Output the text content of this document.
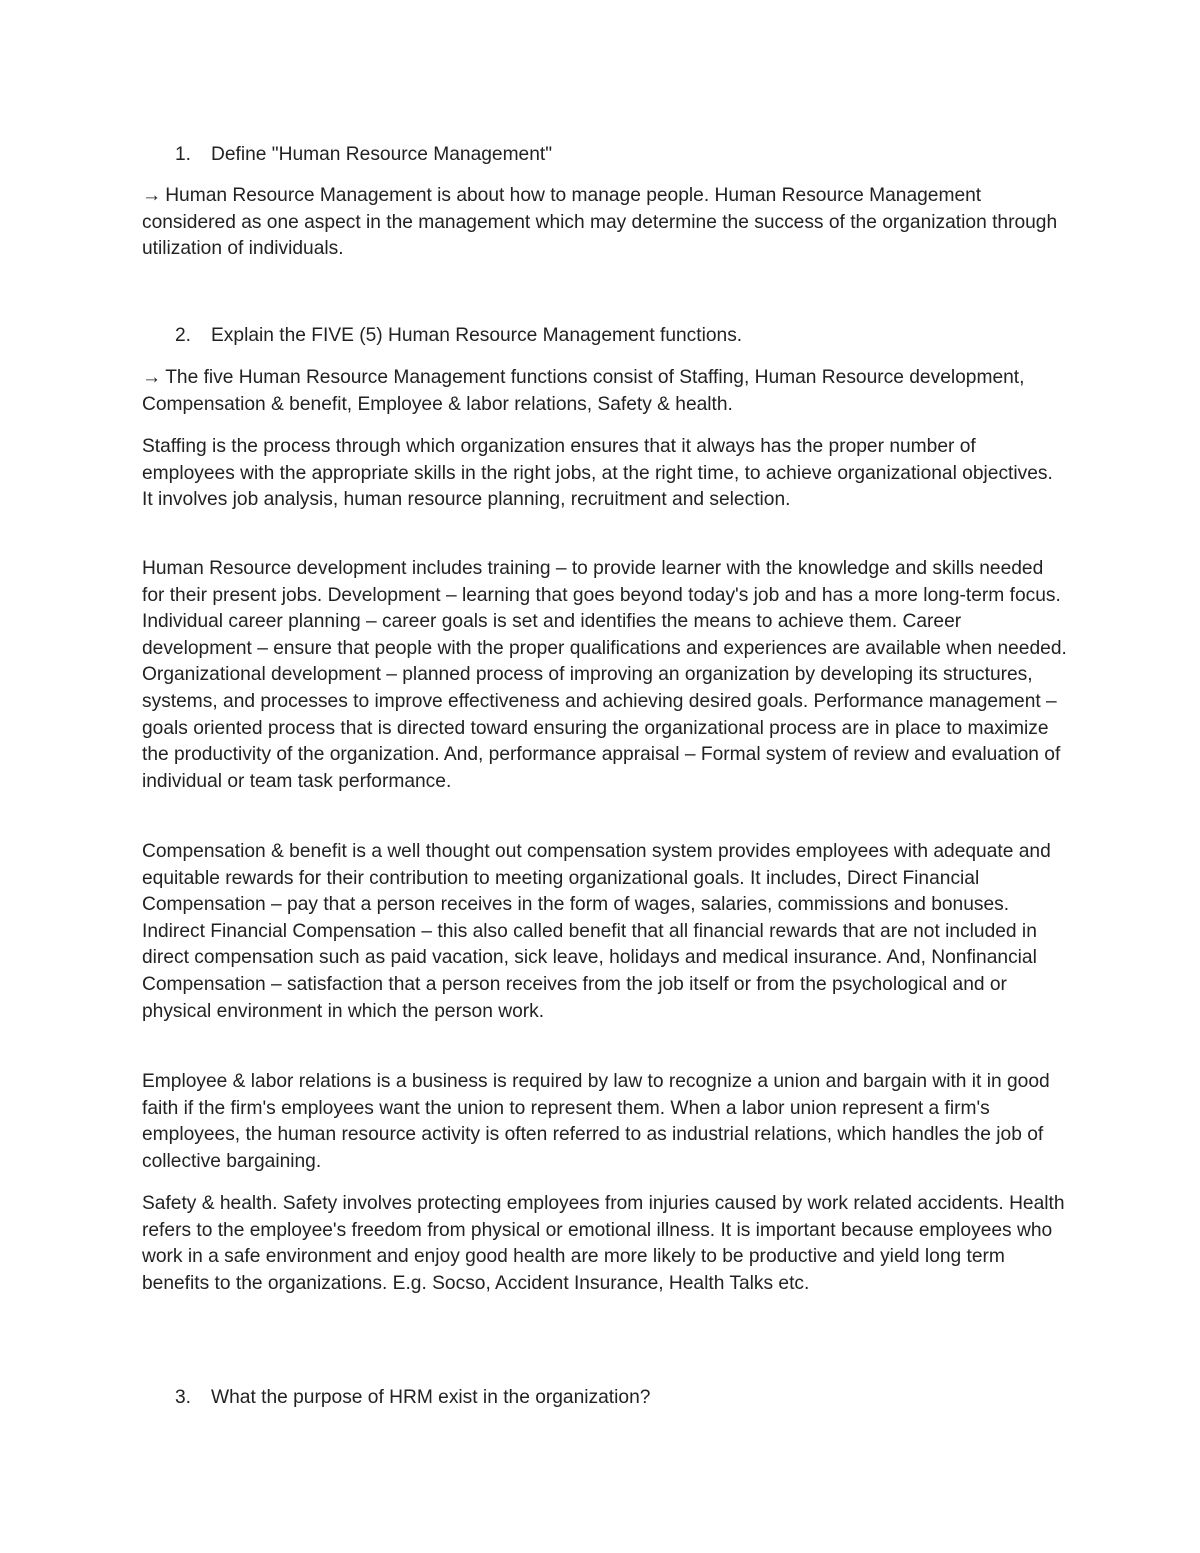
1.	Define "Human Resource Management"

→ Human Resource Management is about how to manage people. Human Resource Management considered as one aspect in the management which may determine the success of the organization through utilization of individuals.

2.	Explain the FIVE (5) Human Resource Management functions.

→ The five Human Resource Management functions consist of Staffing, Human Resource development, Compensation & benefit, Employee & labor relations, Safety & health.

Staffing is the process through which organization ensures that it always has the proper number of employees with the appropriate skills in the right jobs, at the right time, to achieve organizational objectives. It involves job analysis, human resource planning, recruitment and selection.

Human Resource development includes training – to provide learner with the knowledge and skills needed for their present jobs. Development – learning that goes beyond today's job and has a more long-term focus. Individual career planning – career goals is set and identifies the means to achieve them. Career development – ensure that people with the proper qualifications and experiences are available when needed. Organizational development – planned process of improving an organization by developing its structures, systems, and processes to improve effectiveness and achieving desired goals. Performance management – goals oriented process that is directed toward ensuring the organizational process are in place to maximize the productivity of the organization. And, performance appraisal – Formal system of review and evaluation of individual or team task performance.

Compensation & benefit is a well thought out compensation system provides employees with adequate and equitable rewards for their contribution to meeting organizational goals. It includes, Direct Financial Compensation – pay that a person receives in the form of wages, salaries, commissions and bonuses. Indirect Financial Compensation – this also called benefit that all financial rewards that are not included in direct compensation such as paid vacation, sick leave, holidays and medical insurance. And, Nonfinancial Compensation – satisfaction that a person receives from the job itself or from the psychological and or physical environment in which the person work.

Employee & labor relations is a business is required by law to recognize a union and bargain with it in good faith if the firm's employees want the union to represent them. When a labor union represent a firm's employees, the human resource activity is often referred to as industrial relations, which handles the job of collective bargaining.

Safety & health. Safety involves protecting employees from injuries caused by work related accidents. Health refers to the employee's freedom from physical or emotional illness. It is important because employees who work in a safe environment and enjoy good health are more likely to be productive and yield long term benefits to the organizations. E.g. Socso, Accident Insurance, Health Talks etc.

3.	What the purpose of HRM exist in the organization?
